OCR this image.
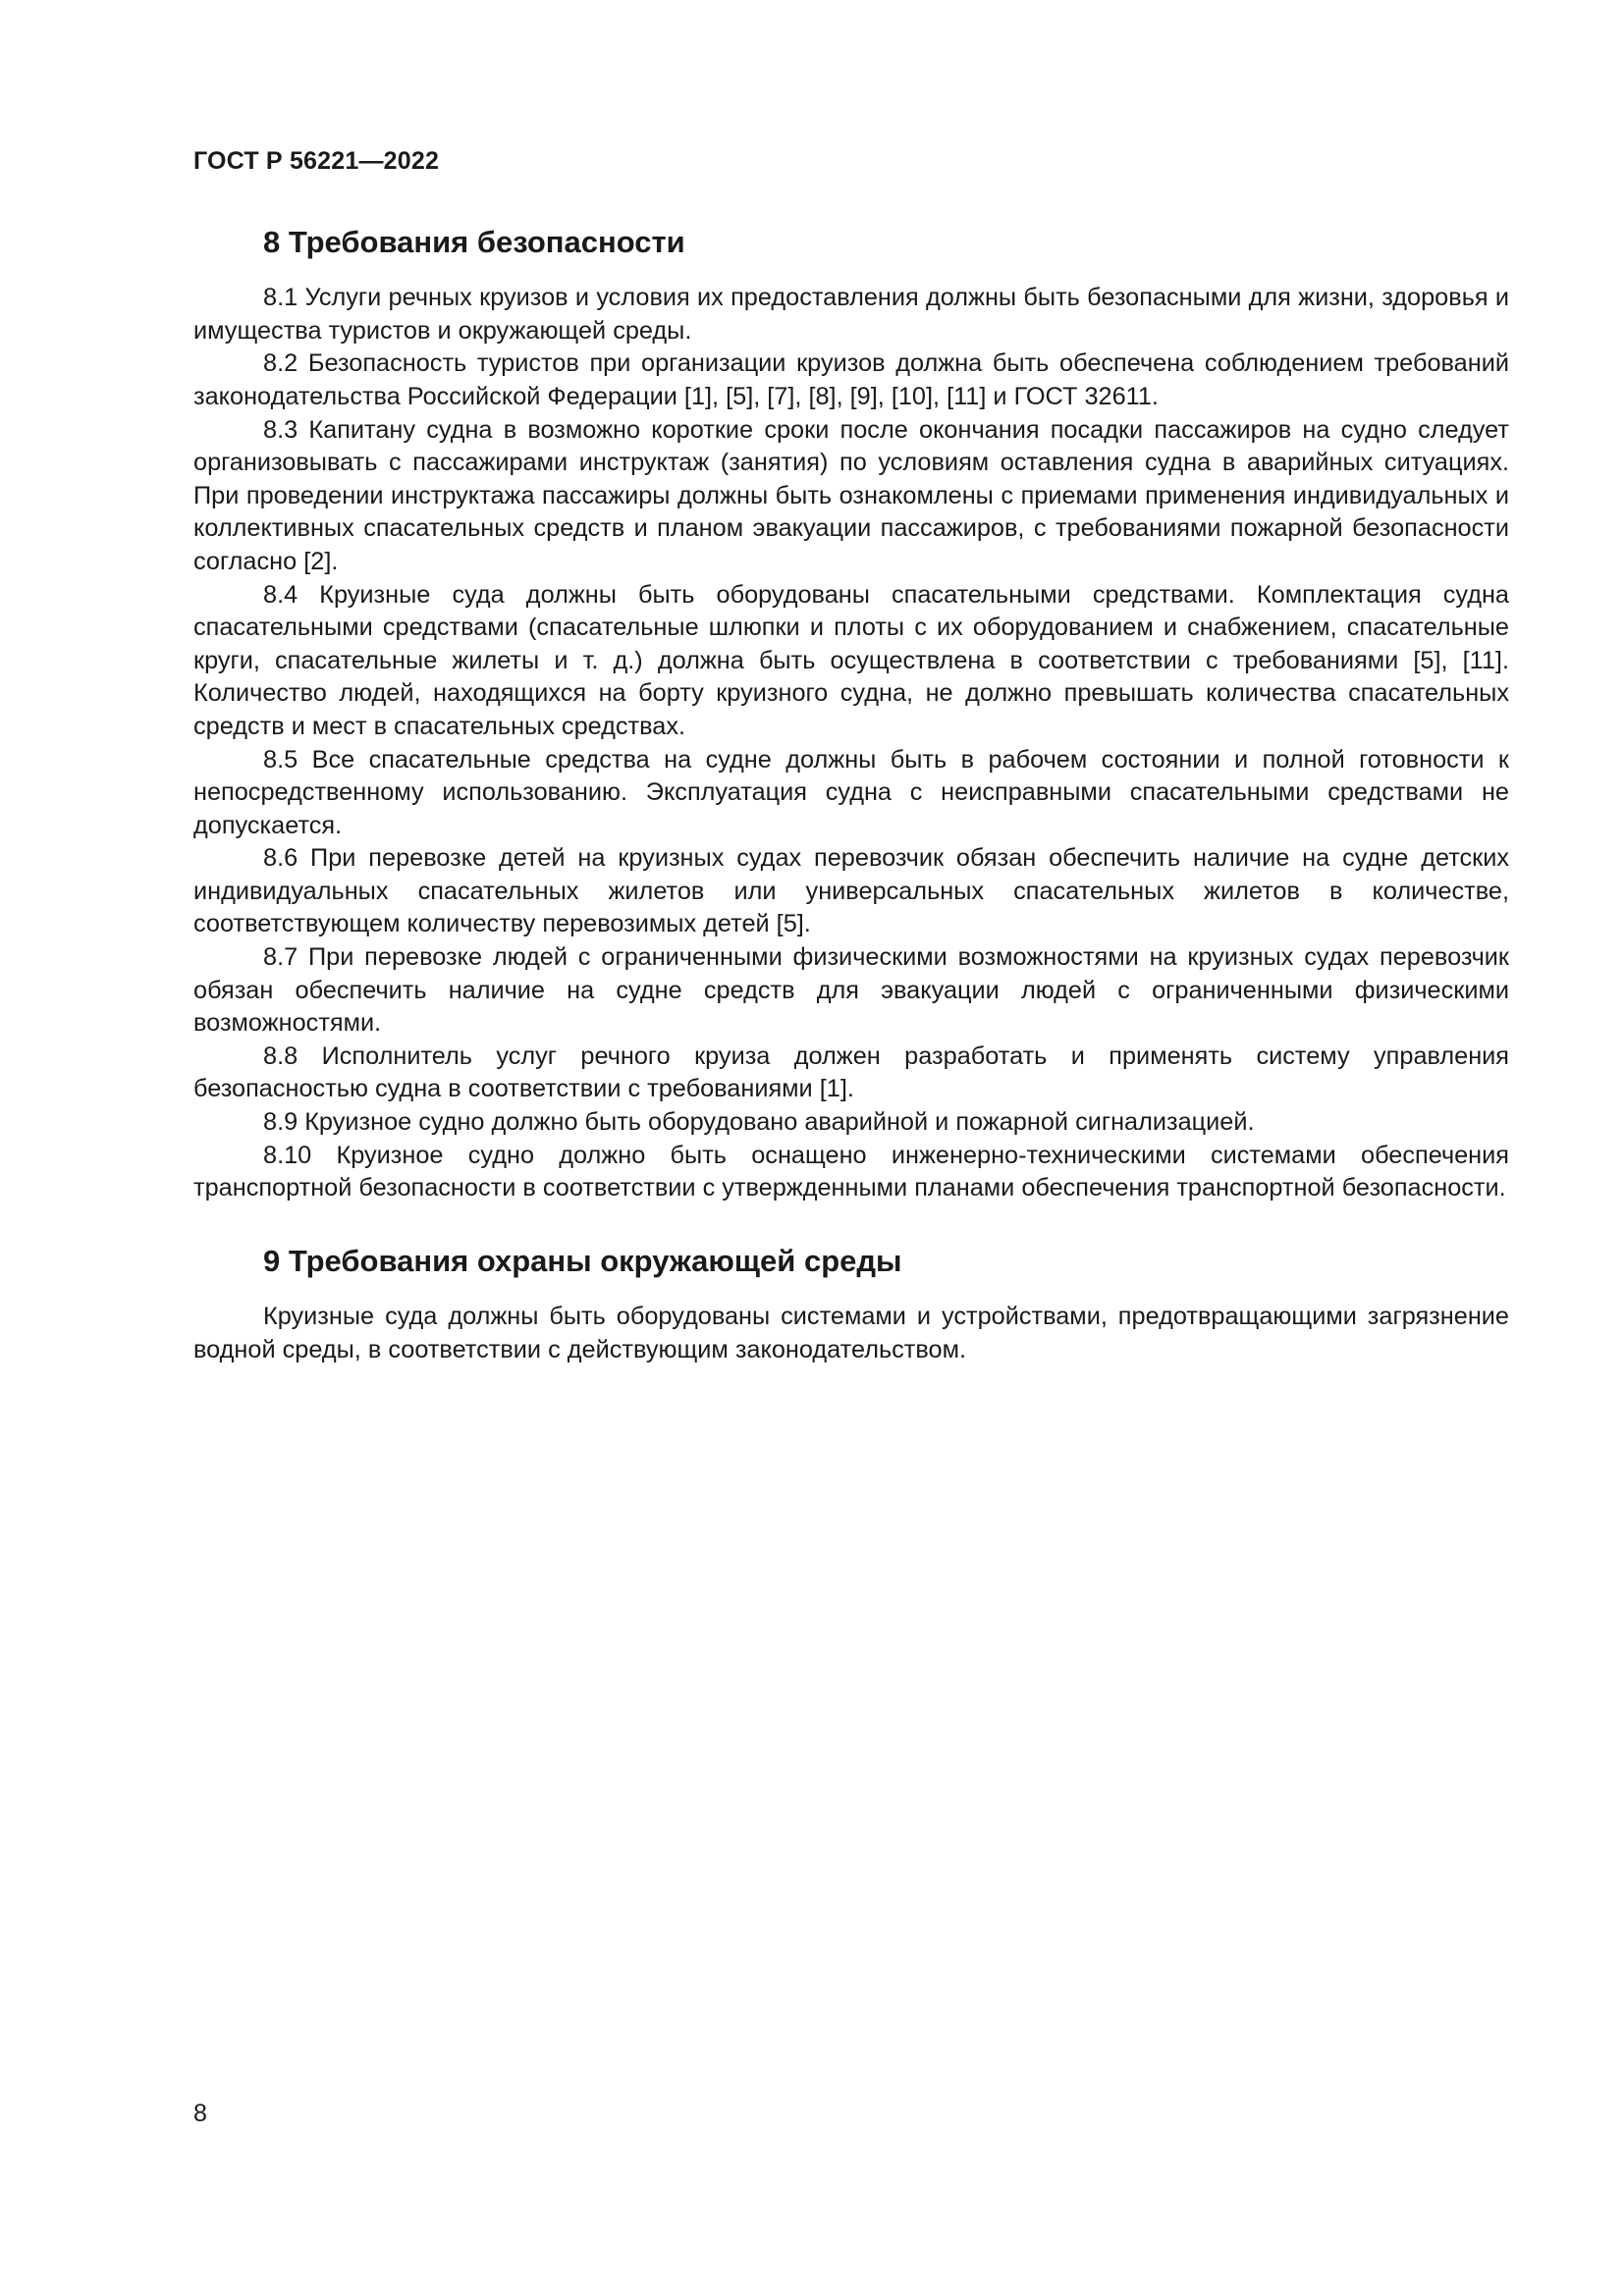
ГОСТ Р 56221—2022
8 Требования безопасности

8.1 Услуги речных круизов и условия их предоставления должны быть безопасными для жизни, здоровья и имущества туристов и окружающей среды.

8.2 Безопасность туристов при организации круизов должна быть обеспечена соблюдением требований законодательства Российской Федерации [1], [5], [7], [8], [9], [10], [11] и ГОСТ 32611.

8.3 Капитану судна в возможно короткие сроки после окончания посадки пассажиров на судно следует организовывать с пассажирами инструктаж (занятия) по условиям оставления судна в аварийных ситуациях. При проведении инструктажа пассажиры должны быть ознакомлены с приемами применения индивидуальных и коллективных спасательных средств и планом эвакуации пассажиров, с требованиями пожарной безопасности согласно [2].

8.4 Круизные суда должны быть оборудованы спасательными средствами. Комплектация судна спасательными средствами (спасательные шлюпки и плоты с их оборудованием и снабжением, спасательные круги, спасательные жилеты и т. д.) должна быть осуществлена в соответствии с требованиями [5], [11]. Количество людей, находящихся на борту круизного судна, не должно превышать количества спасательных средств и мест в спасательных средствах.

8.5 Все спасательные средства на судне должны быть в рабочем состоянии и полной готовности к непосредственному использованию. Эксплуатация судна с неисправными спасательными средствами не допускается.

8.6 При перевозке детей на круизных судах перевозчик обязан обеспечить наличие на судне детских индивидуальных спасательных жилетов или универсальных спасательных жилетов в количестве, соответствующем количеству перевозимых детей [5].

8.7 При перевозке людей с ограниченными физическими возможностями на круизных судах перевозчик обязан обеспечить наличие на судне средств для эвакуации людей с ограниченными физическими возможностями.

8.8 Исполнитель услуг речного круиза должен разработать и применять систему управления безопасностью судна в соответствии с требованиями [1].

8.9 Круизное судно должно быть оборудовано аварийной и пожарной сигнализацией.

8.10 Круизное судно должно быть оснащено инженерно-техническими системами обеспечения транспортной безопасности в соответствии с утвержденными планами обеспечения транспортной безопасности.

9 Требования охраны окружающей среды

Круизные суда должны быть оборудованы системами и устройствами, предотвращающими загрязнение водной среды, в соответствии с действующим законодательством.

8
